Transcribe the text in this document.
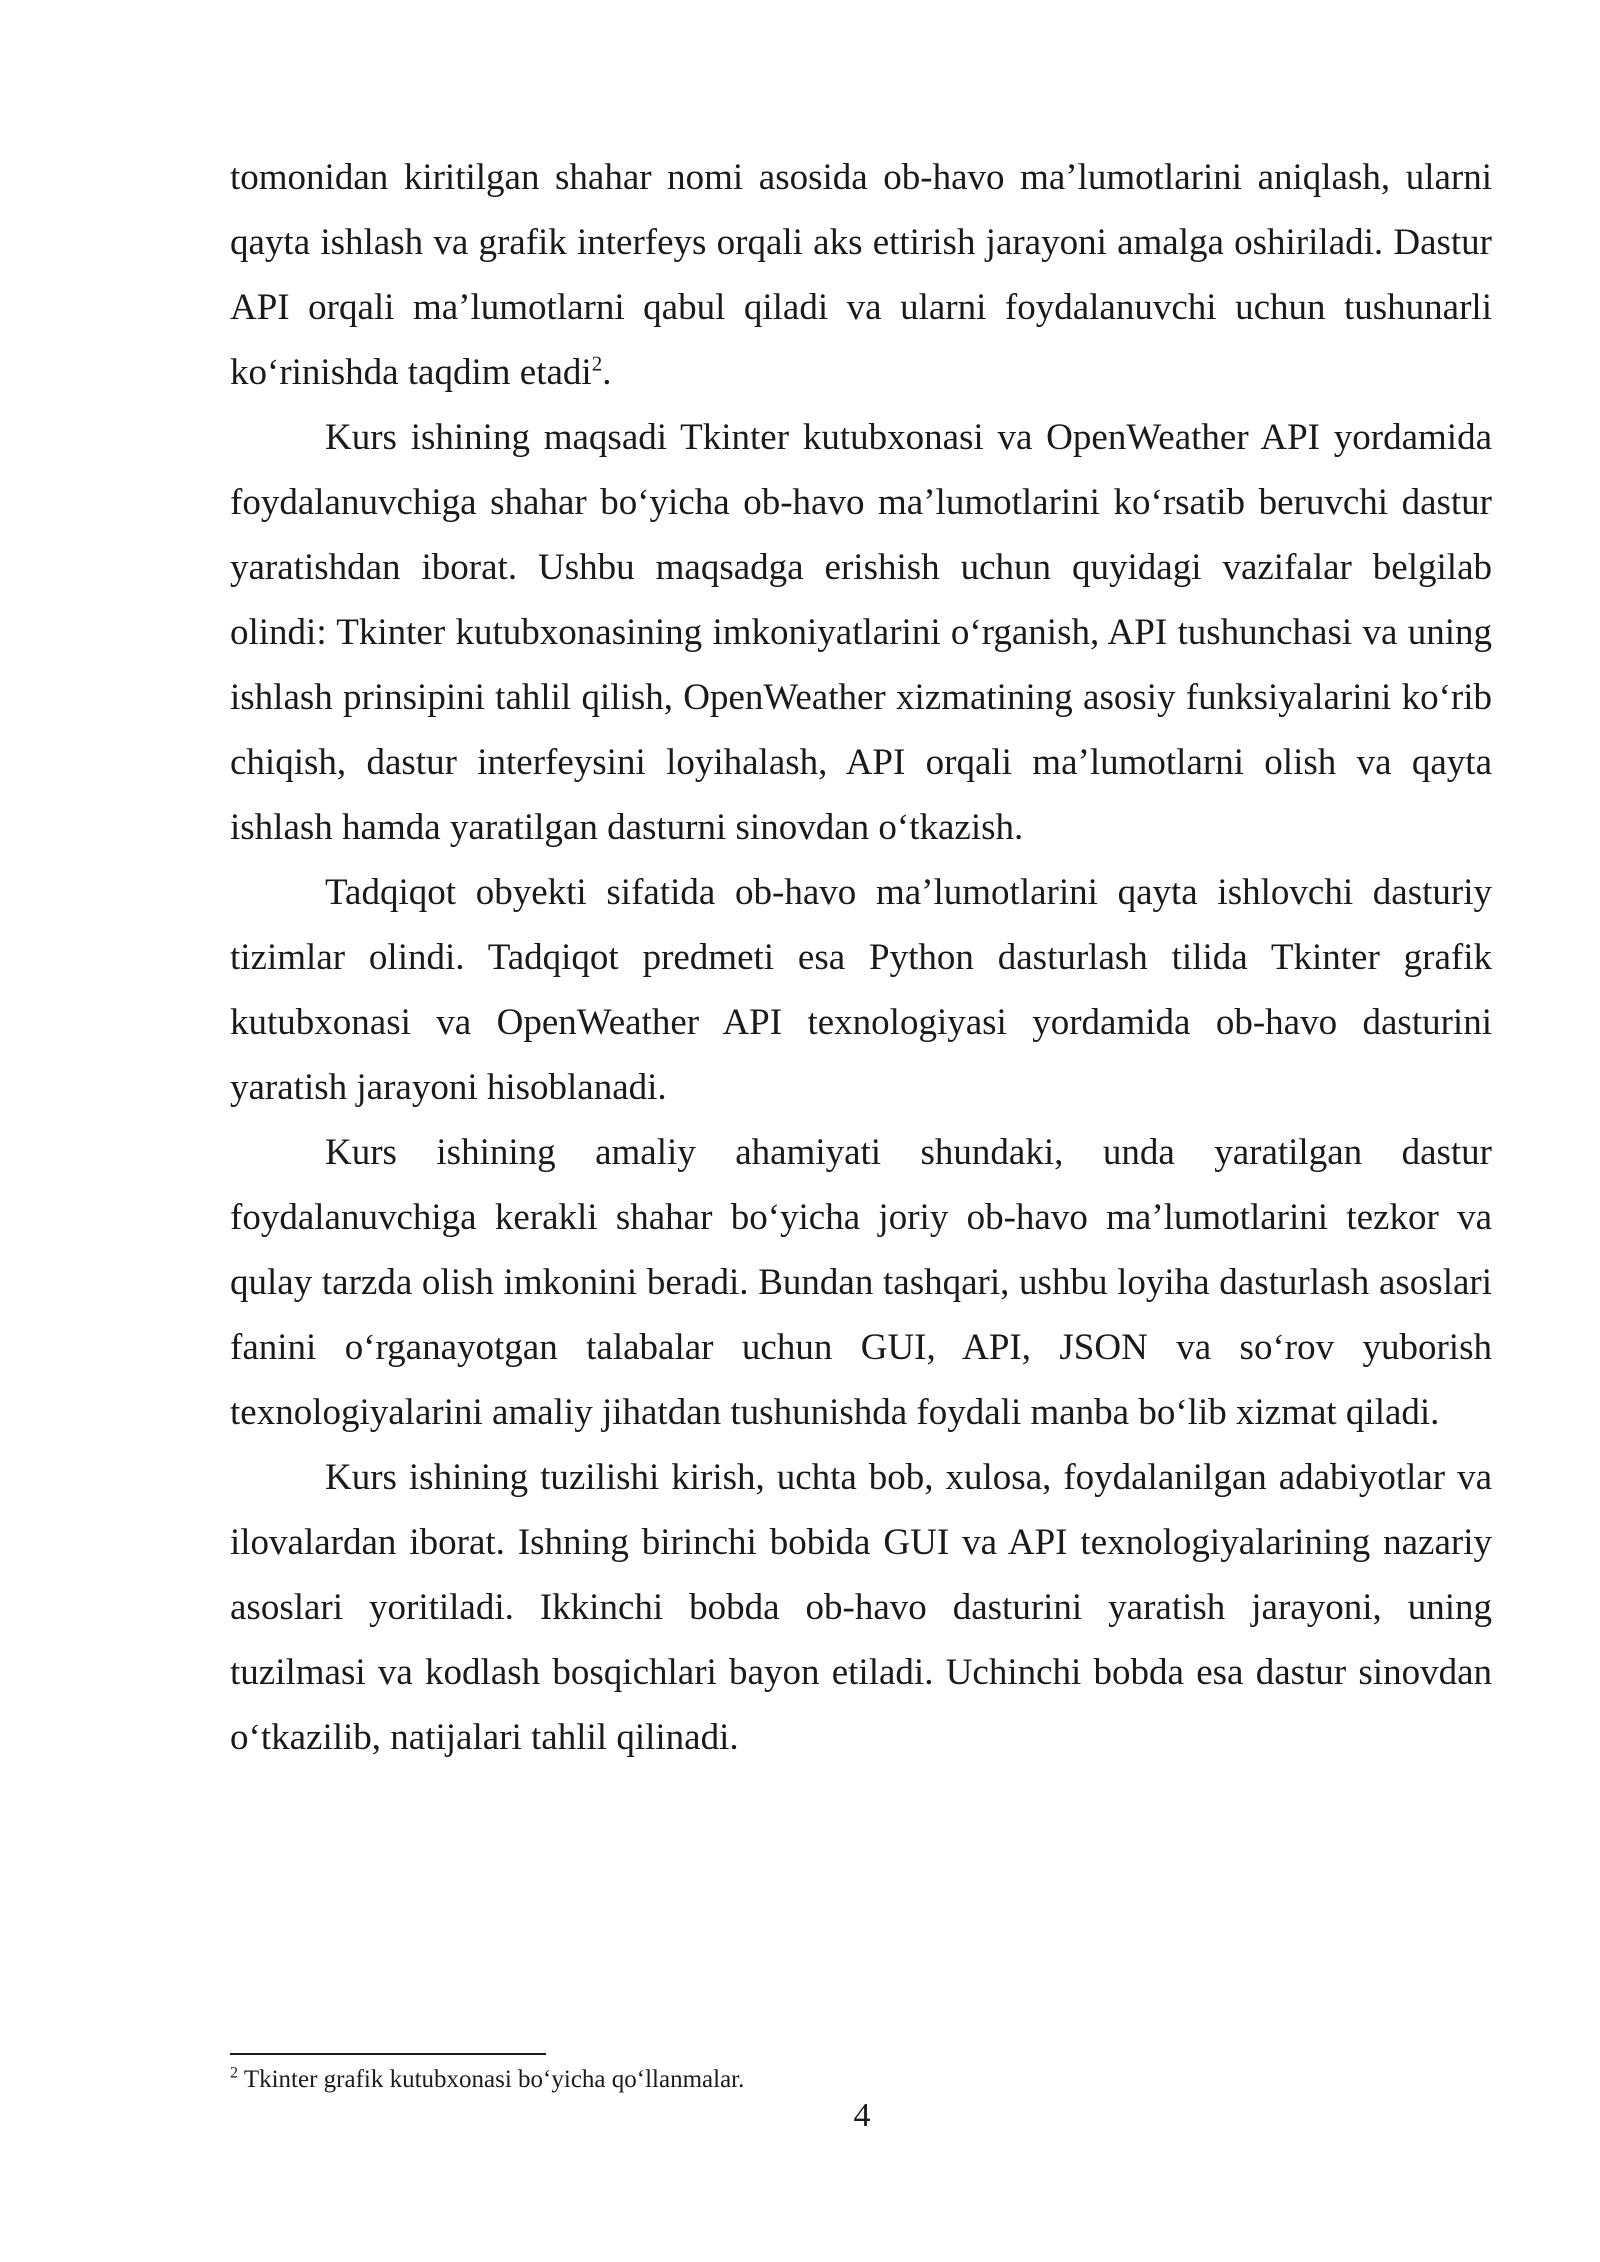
tomonidan kiritilgan shahar nomi asosida ob-havo ma’lumotlarini aniqlash, ularni qayta ishlash va grafik interfeys orqali aks ettirish jarayoni amalga oshiriladi. Dastur API orqali ma’lumotlarni qabul qiladi va ularni foydalanuvchi uchun tushunarli ko‘rinishda taqdim etadi$^2$.

Kurs ishining maqsadi Tkinter kutubxonasi va OpenWeather API yordamida foydalanuvchiga shahar bo‘yicha ob-havo ma’lumotlarini ko‘rsatib beruvchi dastur yaratishdan iborat. Ushbu maqsadga erishish uchun quyidagi vazifalar belgilab olindi: Tkinter kutubxonasining imkoniyatlarini o‘rganish, API tushunchasi va uning ishlash prinsipini tahlil qilish, OpenWeather xizmatining asosiy funksiyalarini ko‘rib chiqish, dastur interfeysini loyihalash, API orqali ma’lumotlarni olish va qayta ishlash hamda yaratilgan dasturni sinovdan o‘tkazish.

Tadqiqot obyekti sifatida ob-havo ma’lumotlarini qayta ishlovchi dasturiy tizimlar olindi. Tadqiqot predmeti esa Python dasturlash tilida Tkinter grafik kutubxonasi va OpenWeather API texnologiyasi yordamida ob-havo dasturini yaratish jarayoni hisoblanadi.

Kurs ishining amaliy ahamiyati shundaki, unda yaratilgan dastur foydalanuvchiga kerakli shahar bo‘yicha joriy ob-havo ma’lumotlarini tezkor va qulay tarzda olish imkonini beradi. Bundan tashqari, ushbu loyiha dasturlash asoslari fanini o‘rganayotgan talabalar uchun GUI, API, JSON va so‘rov yuborish texnologiyalarini amaliy jihatdan tushunishda foydali manba bo‘lib xizmat qiladi.

Kurs ishining tuzilishi kirish, uchta bob, xulosa, foydalanilgan adabiyotlar va ilovalardan iborat. Ishning birinchi bobida GUI va API texnologiyalarining nazariy asoslari yoritiladi. Ikkinchi bobda ob-havo dasturini yaratish jarayoni, uning tuzilmasi va kodlash bosqichlari bayon etiladi. Uchinchi bobda esa dastur sinovdan o‘tkazilib, natijalari tahlil qilinadi.

$^2$ Tkinter grafik kutubxonasi bo‘yicha qo‘llanmalar.
4
